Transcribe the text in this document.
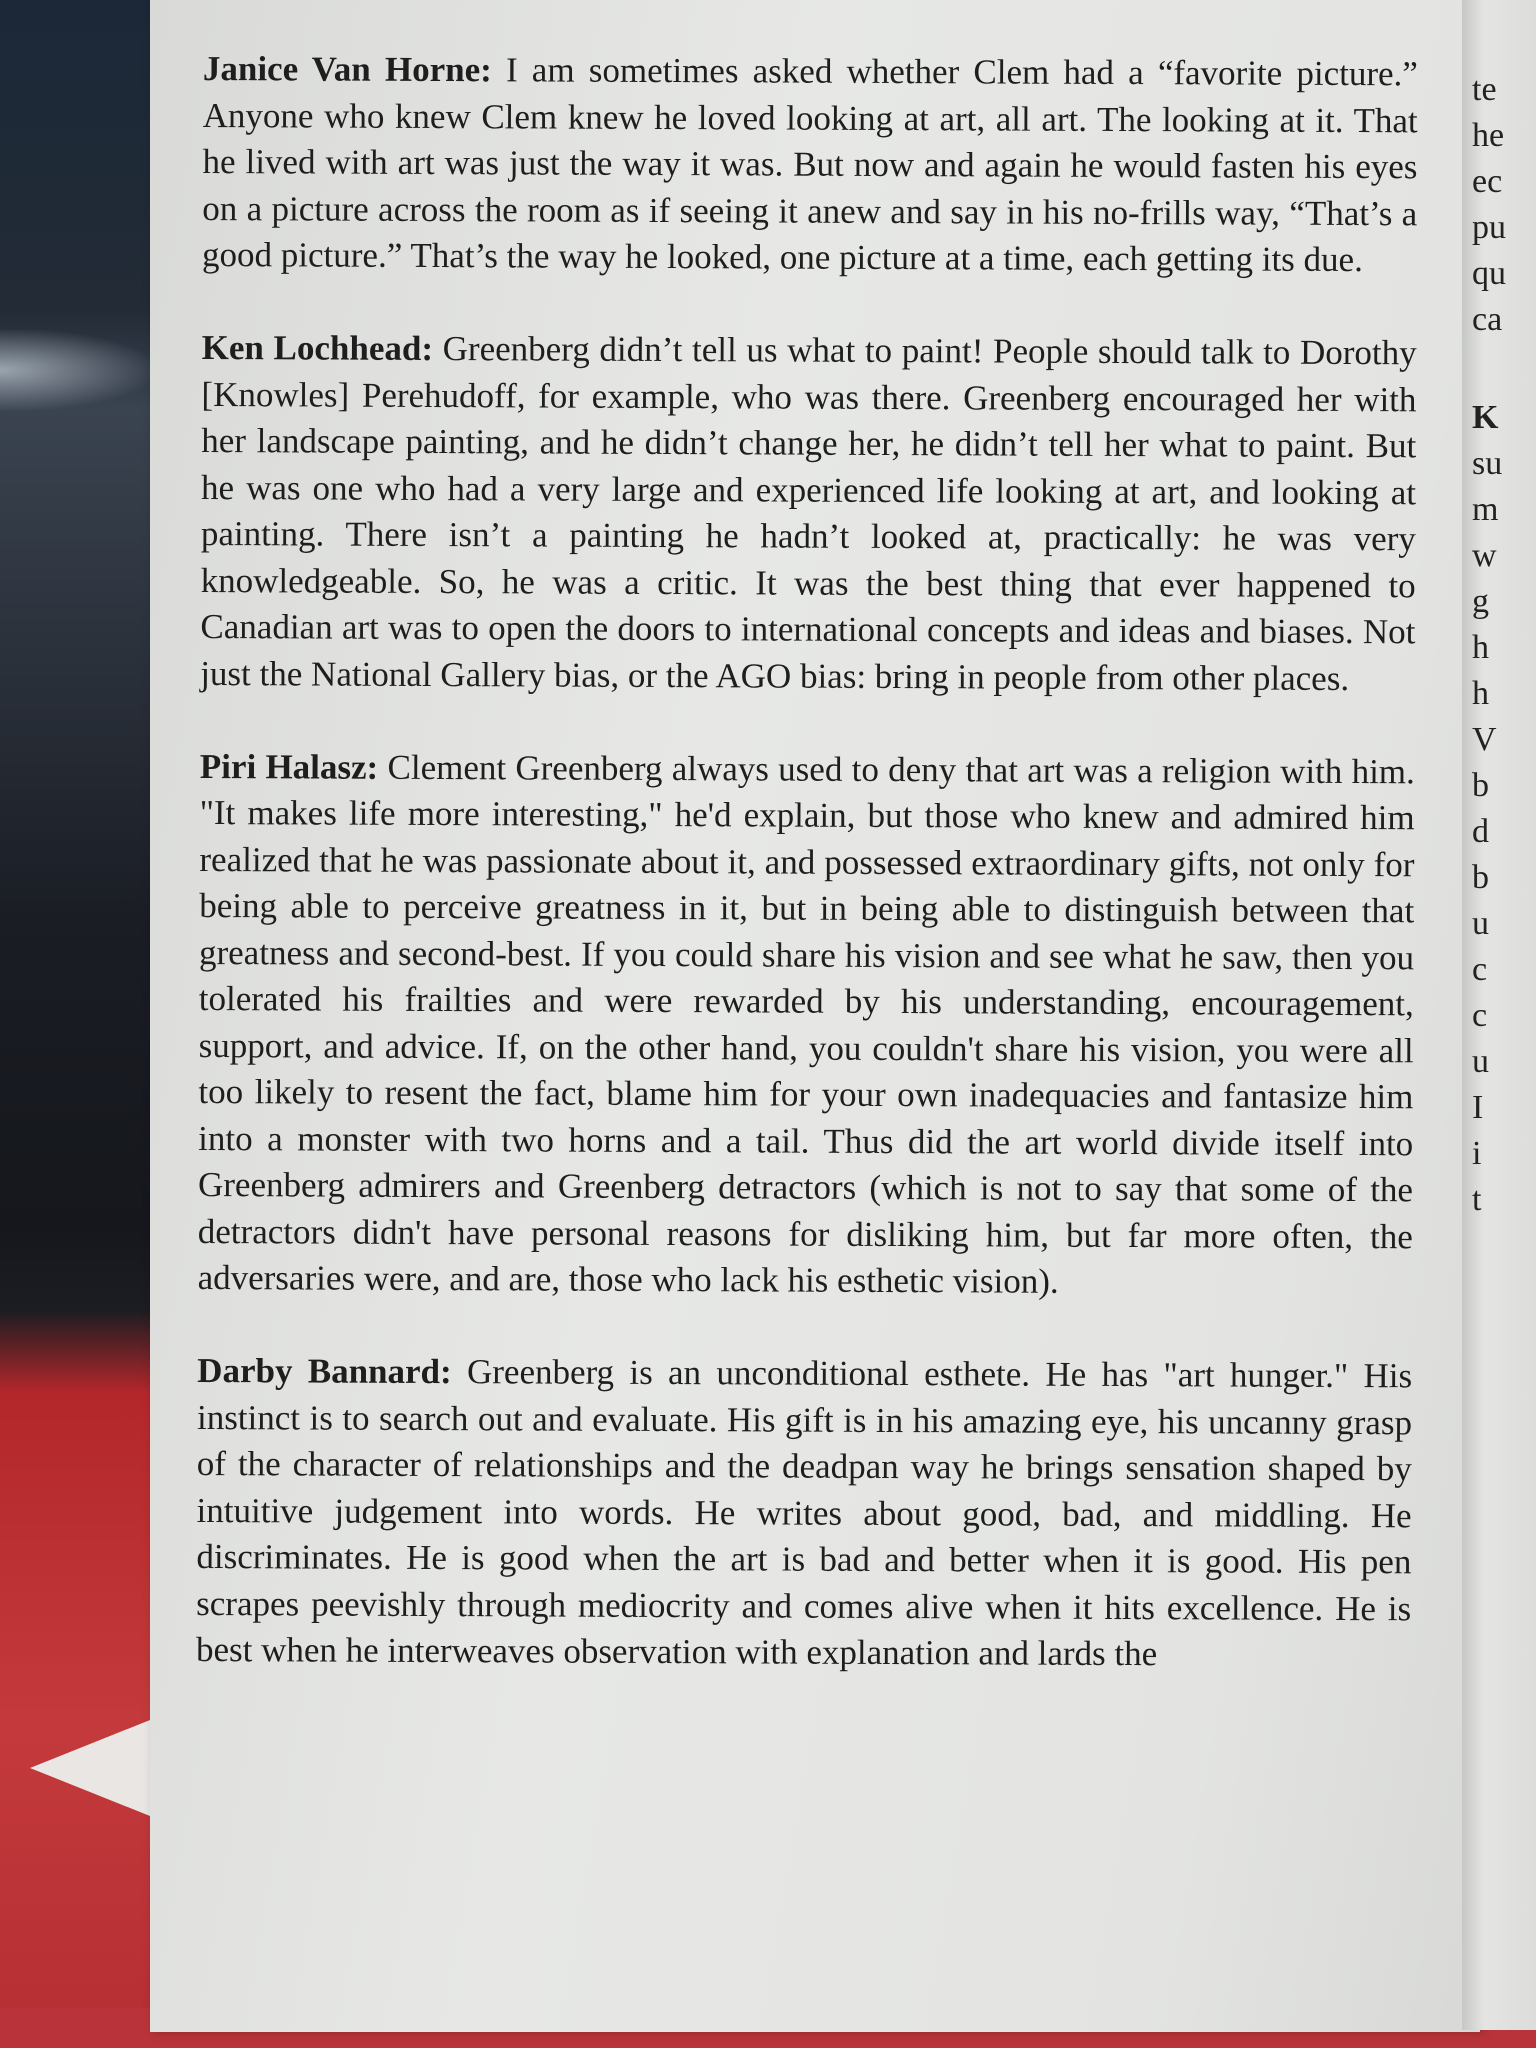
te
he
ec
pu
qu
ca
K
su
m
w
g
h
h
V
b
d
b
u
c
c
u
I
i
t

Janice Van Horne: I am sometimes asked whether Clem had a “favorite picture.” Anyone who knew Clem knew he loved looking at art, all art. The looking at it. That he lived with art was just the way it was. But now and again he would fasten his eyes on a picture across the room as if seeing it anew and say in his no-frills way, “That’s a good picture.” That’s the way he looked, one picture at a time, each getting its due.

Ken Lochhead: Greenberg didn’t tell us what to paint! People should talk to Dorothy [Knowles] Perehudoff, for example, who was there. Greenberg encouraged her with her landscape painting, and he didn’t change her, he didn’t tell her what to paint. But he was one who had a very large and experienced life looking at art, and looking at painting. There isn’t a painting he hadn’t looked at, practically: he was very knowledgeable. So, he was a critic. It was the best thing that ever happened to Canadian art was to open the doors to international concepts and ideas and biases. Not just the National Gallery bias, or the AGO bias: bring in people from other places.

Piri Halasz: Clement Greenberg always used to deny that art was a religion with him. "It makes life more interesting," he'd explain, but those who knew and admired him realized that he was passionate about it, and possessed extraordinary gifts, not only for being able to perceive greatness in it, but in being able to distinguish between that greatness and second-best. If you could share his vision and see what he saw, then you tolerated his frailties and were rewarded by his understanding, encouragement, support, and advice. If, on the other hand, you couldn't share his vision, you were all too likely to resent the fact, blame him for your own inadequacies and fantasize him into a monster with two horns and a tail. Thus did the art world divide itself into Greenberg admirers and Greenberg detractors (which is not to say that some of the detractors didn't have personal reasons for disliking him, but far more often, the adversaries were, and are, those who lack his esthetic vision).

Darby Bannard: Greenberg is an unconditional esthete. He has "art hunger." His instinct is to search out and evaluate. His gift is in his amazing eye, his uncanny grasp of the character of relationships and the deadpan way he brings sensation shaped by intuitive judgement into words. He writes about good, bad, and middling. He discriminates. He is good when the art is bad and better when it is good. His pen scrapes peevishly through mediocrity and comes alive when it hits excellence. He is best when he interweaves observation with explanation and lards the
